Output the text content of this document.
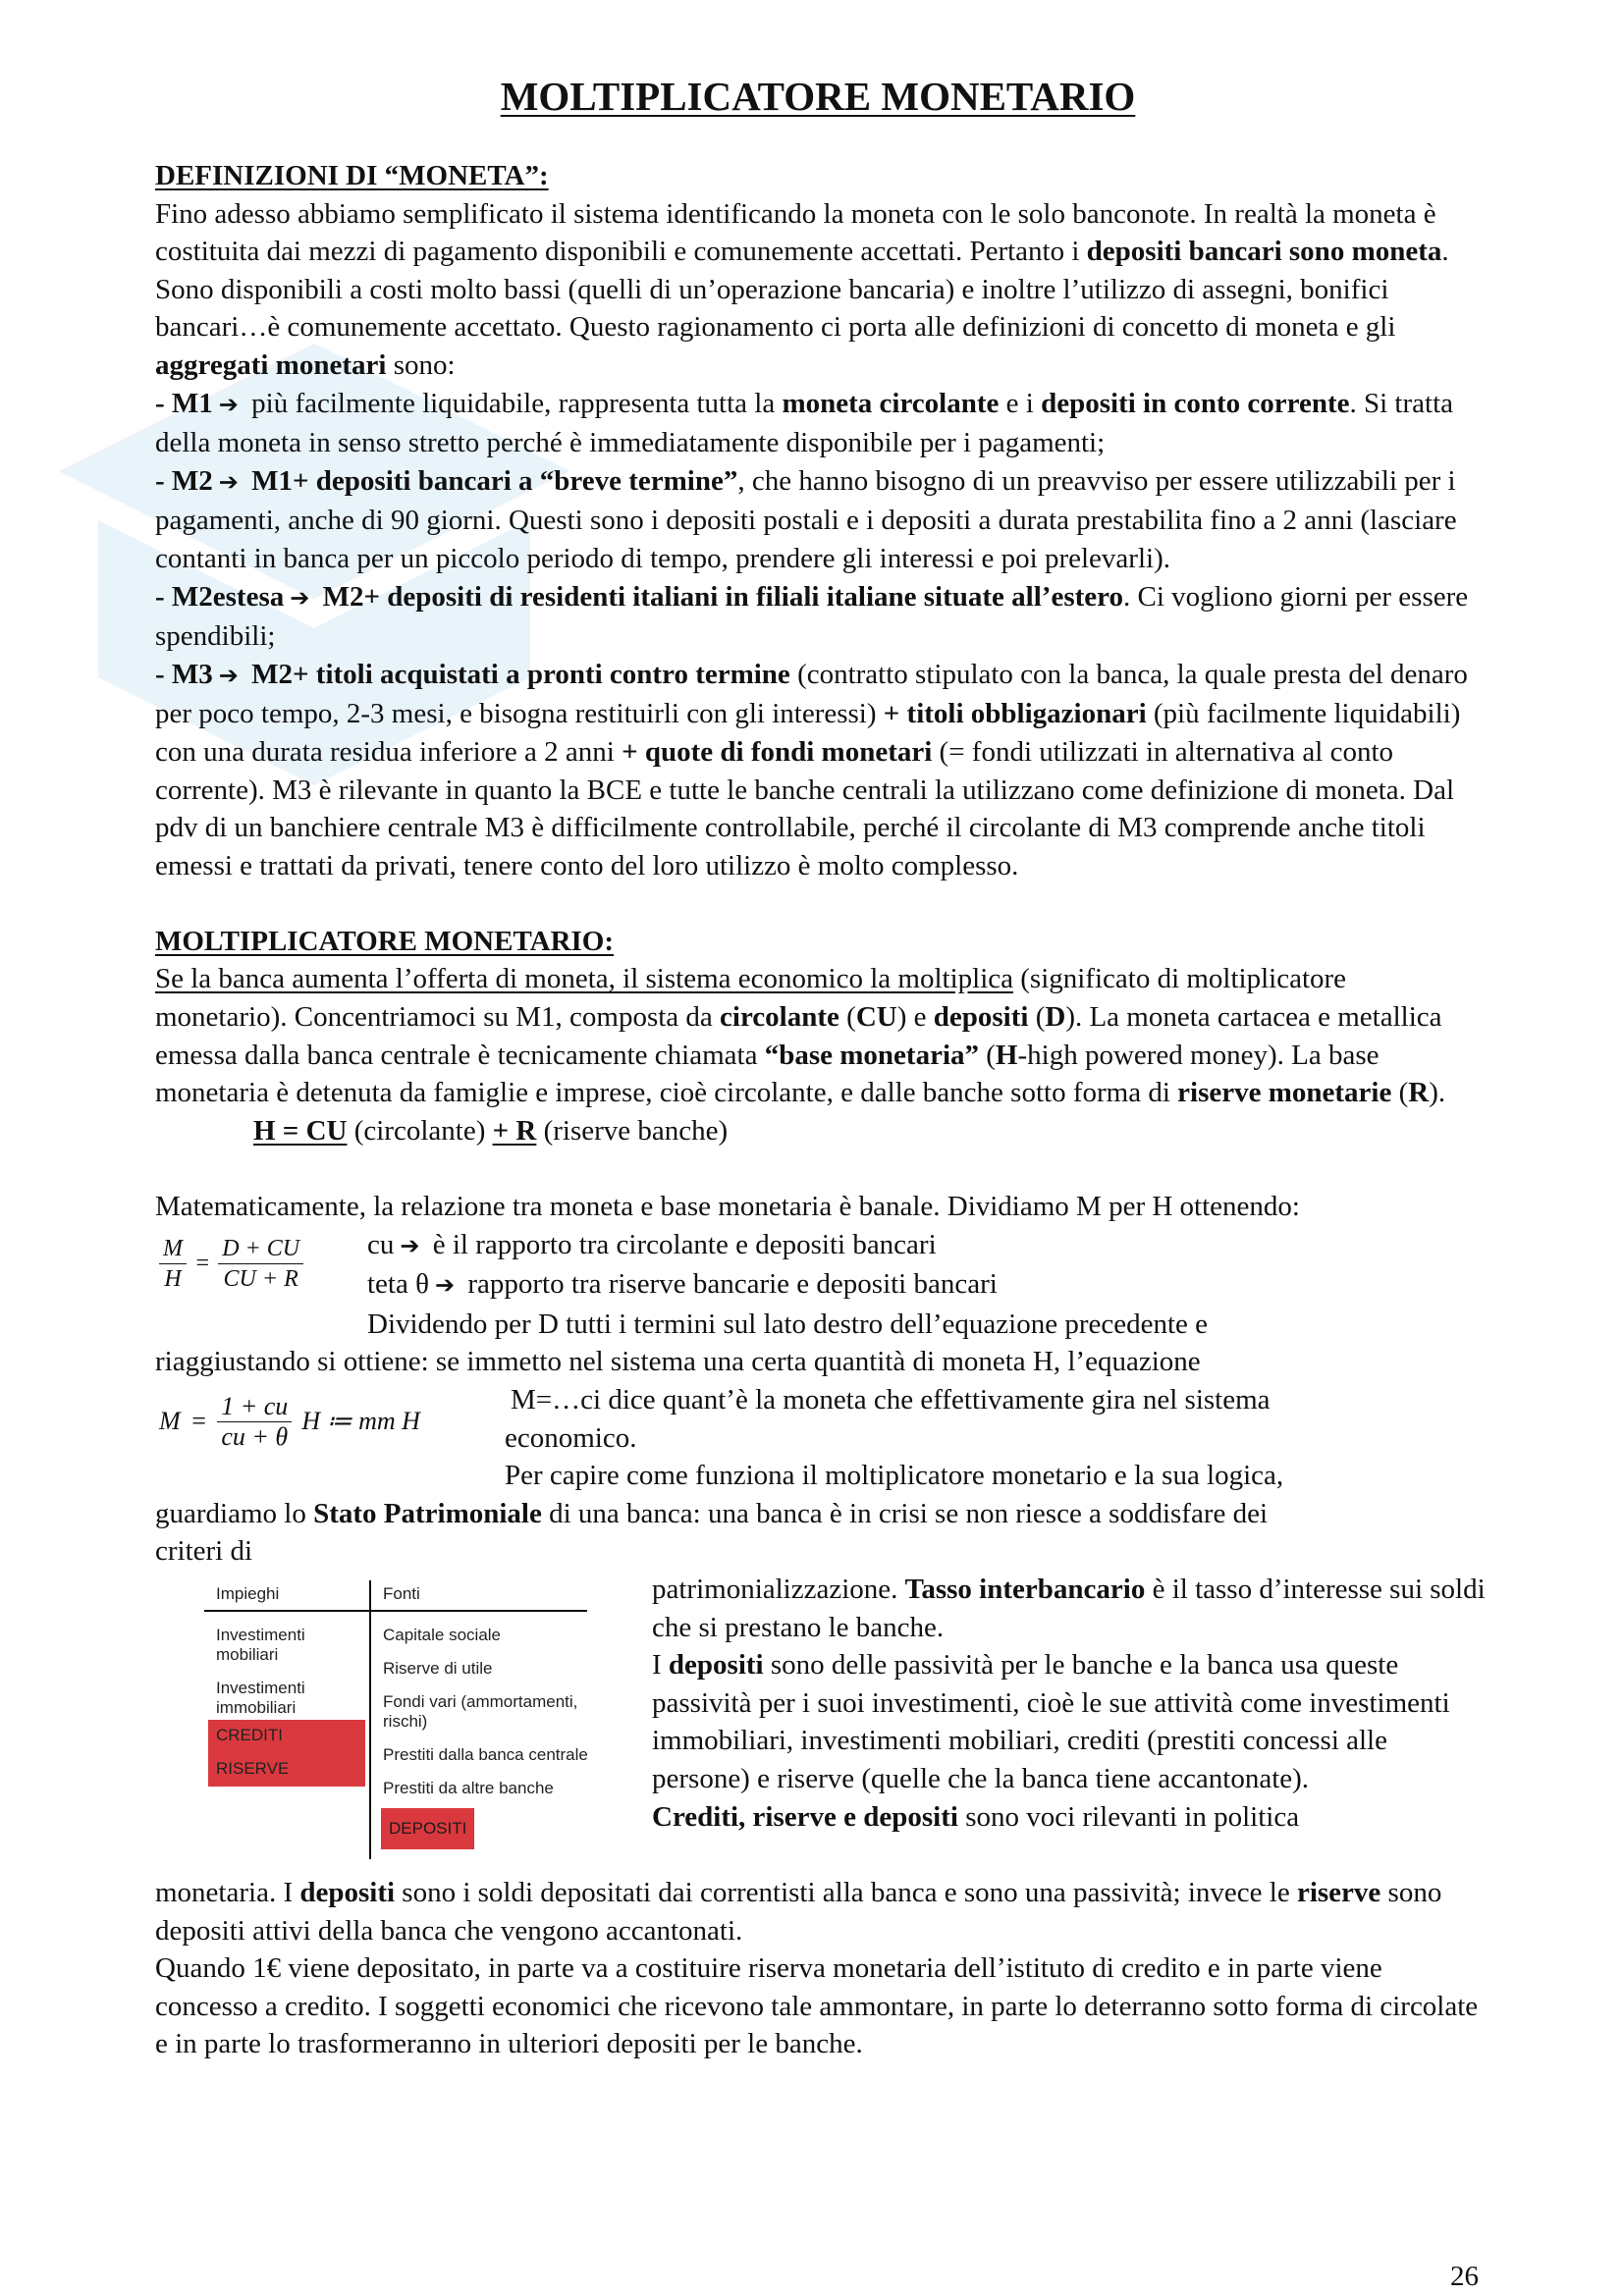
MOLTIPLICATORE MONETARIO
DEFINIZIONI DI “MONETA”:

Fino adesso abbiamo semplificato il sistema identificando la moneta con le solo banconote. In realtà la moneta è costituita dai mezzi di pagamento disponibili e comunemente accettati. Pertanto i depositi bancari sono moneta. Sono disponibili a costi molto bassi (quelli di un’operazione bancaria) e inoltre l’utilizzo di assegni, bonifici bancari…è comunemente accettato. Questo ragionamento ci porta alle definizioni di concetto di moneta e gli aggregati monetari sono:

- M1 ➔ più facilmente liquidabile, rappresenta tutta la moneta circolante e i depositi in conto corrente. Si tratta della moneta in senso stretto perché è immediatamente disponibile per i pagamenti;

- M2 ➔ M1+ depositi bancari a “breve termine”, che hanno bisogno di un preavviso per essere utilizzabili per i pagamenti, anche di 90 giorni. Questi sono i depositi postali e i depositi a durata prestabilita fino a 2 anni (lasciare contanti in banca per un piccolo periodo di tempo, prendere gli interessi e poi prelevarli).

- M2estesa ➔ M2+ depositi di residenti italiani in filiali italiane situate all’estero. Ci vogliono giorni per essere spendibili;

- M3 ➔ M2+ titoli acquistati a pronti contro termine (contratto stipulato con la banca, la quale presta del denaro per poco tempo, 2-3 mesi, e bisogna restituirli con gli interessi) + titoli obbligazionari (più facilmente liquidabili) con una durata residua inferiore a 2 anni + quote di fondi monetari (= fondi utilizzati in alternativa al conto corrente). M3 è rilevante in quanto la BCE e tutte le banche centrali la utilizzano come definizione di moneta. Dal pdv di un banchiere centrale M3 è difficilmente controllabile, perché il circolante di M3 comprende anche titoli emessi e trattati da privati, tenere conto del loro utilizzo è molto complesso.

MOLTIPLICATORE MONETARIO:

Se la banca aumenta l’offerta di moneta, il sistema economico la moltiplica (significato di moltiplicatore monetario). Concentriamoci su M1, composta da circolante (CU) e depositi (D). La moneta cartacea e metallica emessa dalla banca centrale è tecnicamente chiamata “base monetaria” (H-high powered money). La base monetaria è detenuta da famiglie e imprese, cioè circolante, e dalle banche sotto forma di riserve monetarie (R).

H = CU (circolante) + R (riserve banche)

Matematicamente, la relazione tra moneta e base monetaria è banale. Dividiamo M per H ottenendo:

$\frac{M}{H} = \frac{D + CU}{CU + R}$	cu ➔ è il rapporto tra circolante e depositi bancari

teta θ ➔ rapporto tra riserve bancarie e depositi bancari

Dividendo per D tutti i termini sul lato destro dell’equazione precedente e

riaggiustando si ottiene: se immetto nel sistema una certa quantità di moneta H, l’equazione

$M = \frac{1 + cu}{cu + \theta}$ H ≔ mm H

M=…ci dice quant’è la moneta che effettivamente gira nel sistema

economico.

Per capire come funziona il moltiplicatore monetario e la sua logica,

guardiamo lo Stato Patrimoniale di una banca: una banca è in crisi se non riesce a soddisfare dei

criteri di

Impieghi	Fonti
Investimenti mobiliari
Investimenti immobiliari
CREDITI
RISERVE
Capitale sociale
Riserve di utile
Fondi vari (ammortamenti, rischi)
Prestiti dalla banca centrale
Prestiti da altre banche
DEPOSITI

patrimonializzazione. Tasso interbancario è il tasso d’interesse sui soldi che si prestano le banche.

I depositi sono delle passività per le banche e la banca usa queste passività per i suoi investimenti, cioè le sue attività come investimenti immobiliari, investimenti mobiliari, crediti (prestiti concessi alle persone) e riserve (quelle che la banca tiene accantonate).

Crediti, riserve e depositi sono voci rilevanti in politica

monetaria. I depositi sono i soldi depositati dai correntisti alla banca e sono una passività; invece le riserve sono depositi attivi della banca che vengono accantonati.

Quando 1€ viene depositato, in parte va a costituire riserva monetaria dell’istituto di credito e in parte viene concesso a credito. I soggetti economici che ricevono tale ammontare, in parte lo deterranno sotto forma di circolate e in parte lo trasformeranno in ulteriori depositi per le banche.

26
